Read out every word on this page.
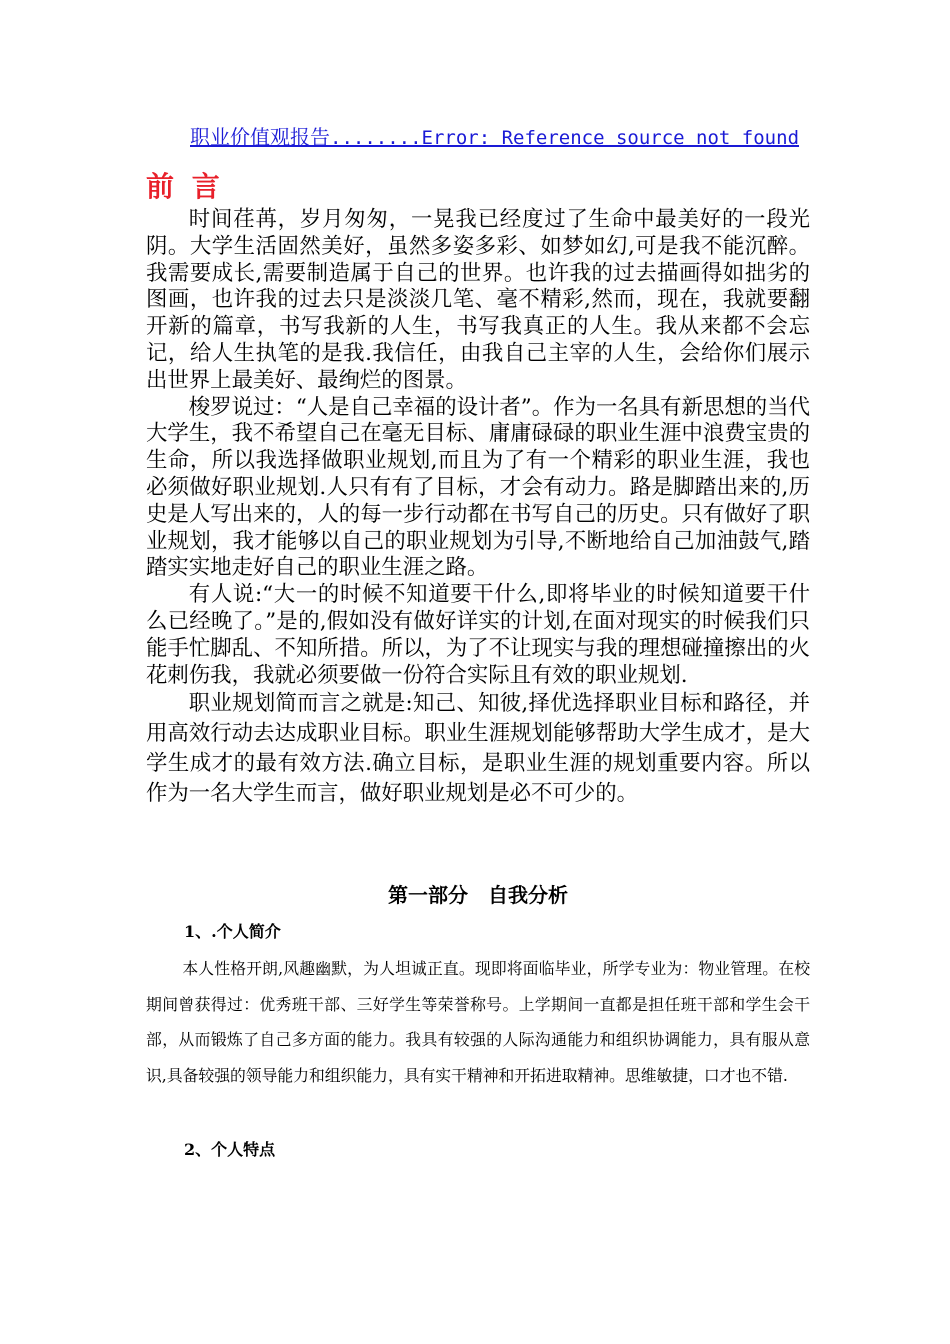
职业价值观报告........Error: Reference source not found
前 言

时间荏苒，岁月匆匆，一晃我已经度过了生命中最美好的一段光阴。大学生活固然美好，虽然多姿多彩、如梦如幻,可是我不能沉醉。我需要成长,需要制造属于自己的世界。也许我的过去描画得如拙劣的图画，也许我的过去只是淡淡几笔、毫不精彩,然而，现在，我就要翻开新的篇章，书写我新的人生，书写我真正的人生。我从来都不会忘记，给人生执笔的是我.我信任，由我自己主宰的人生，会给你们展示出世界上最美好、最绚烂的图景。

梭罗说过：“人是自己幸福的设计者”。作为一名具有新思想的当代大学生，我不希望自己在毫无目标、庸庸碌碌的职业生涯中浪费宝贵的生命，所以我选择做职业规划,而且为了有一个精彩的职业生涯，我也必须做好职业规划.人只有有了目标，才会有动力。路是脚踏出来的,历史是人写出来的，人的每一步行动都在书写自己的历史。只有做好了职业规划，我才能够以自己的职业规划为引导,不断地给自己加油鼓气,踏踏实实地走好自己的职业生涯之路。

有人说:“大一的时候不知道要干什么,即将毕业的时候知道要干什么已经晚了。”是的,假如没有做好详实的计划,在面对现实的时候我们只能手忙脚乱、不知所措。所以，为了不让现实与我的理想碰撞擦出的火花刺伤我，我就必须要做一份符合实际且有效的职业规划.

职业规划简而言之就是:知己、知彼,择优选择职业目标和路径，并用高效行动去达成职业目标。职业生涯规划能够帮助大学生成才，是大学生成才的最有效方法.确立目标，是职业生涯的规划重要内容。所以作为一名大学生而言，做好职业规划是必不可少的。

第一部分　自我分析
1、.个人简介

本人性格开朗,风趣幽默，为人坦诚正直。现即将面临毕业，所学专业为：物业管理。在校期间曾获得过：优秀班干部、三好学生等荣誉称号。上学期间一直都是担任班干部和学生会干部，从而锻炼了自己多方面的能力。我具有较强的人际沟通能力和组织协调能力，具有服从意识,具备较强的领导能力和组织能力，具有实干精神和开拓进取精神。思维敏捷，口才也不错.

2、个人特点
